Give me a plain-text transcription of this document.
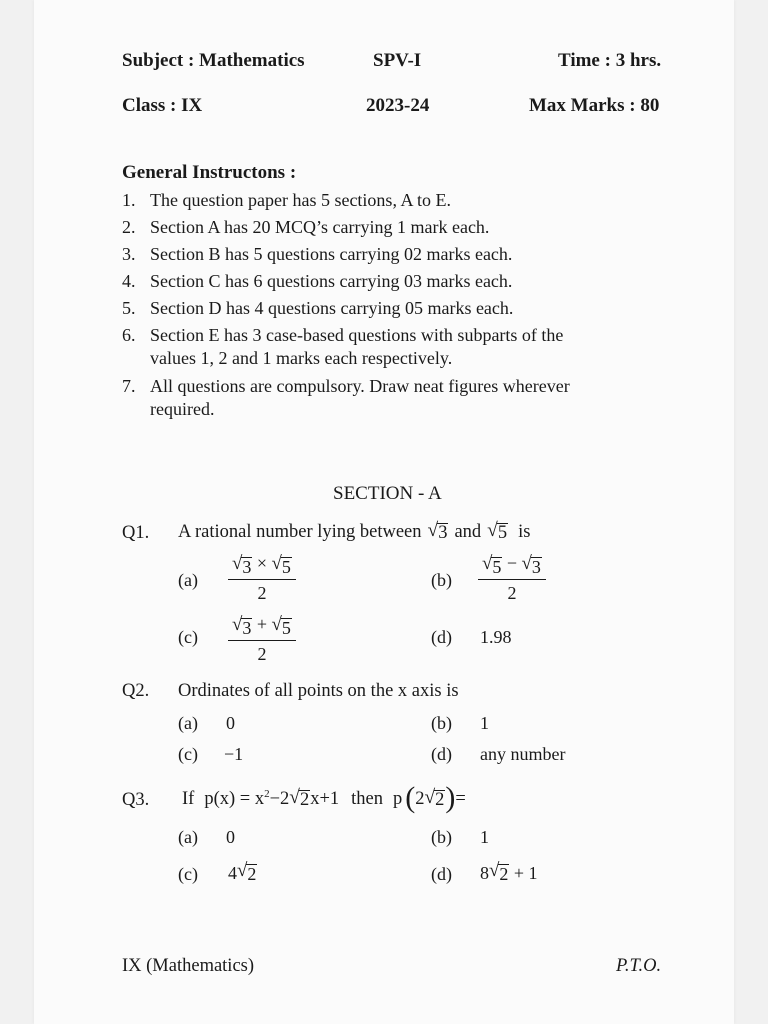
Subject : Mathematics	SPV-I	Time : 3 hrs.
Class : IX	2023-24	Max Marks : 80
General Instructons :
1. The question paper has 5 sections, A to E.
2. Section A has 20 MCQ’s carrying 1 mark each.
3. Section B has 5 questions carrying 02 marks each.
4. Section C has 6 questions carrying 03 marks each.
5. Section D has 4 questions carrying 05 marks each.
6. Section E has 3 case-based questions with subparts of the
values 1, 2 and 1 marks each respectively.
7. All questions are compulsory. Draw neat figures wherever
required.
SECTION - A
Q1. A rational number lying between √ 3 and √ 5 is
$(a) \frac{√ 3 \times √ 5}{2}$	$(b) \frac{√ 5 - √ 3}{2}$
$(c) \frac{√ 3 + √ 5}{2}$	(d) 1.98
Q2. Ordinates of all points on the x axis is
(a) 0	(b) 1
(c) −1	(d) any number
Q3. If $p(x) = x^2 -2$ √ 2 x+1 then p ( 2 √ 2 ) =
(a) 0	(b) 1
(c) 4 √ 2	(d) 8 √ 2 + 1
IX (Mathematics)	P.T.O.
